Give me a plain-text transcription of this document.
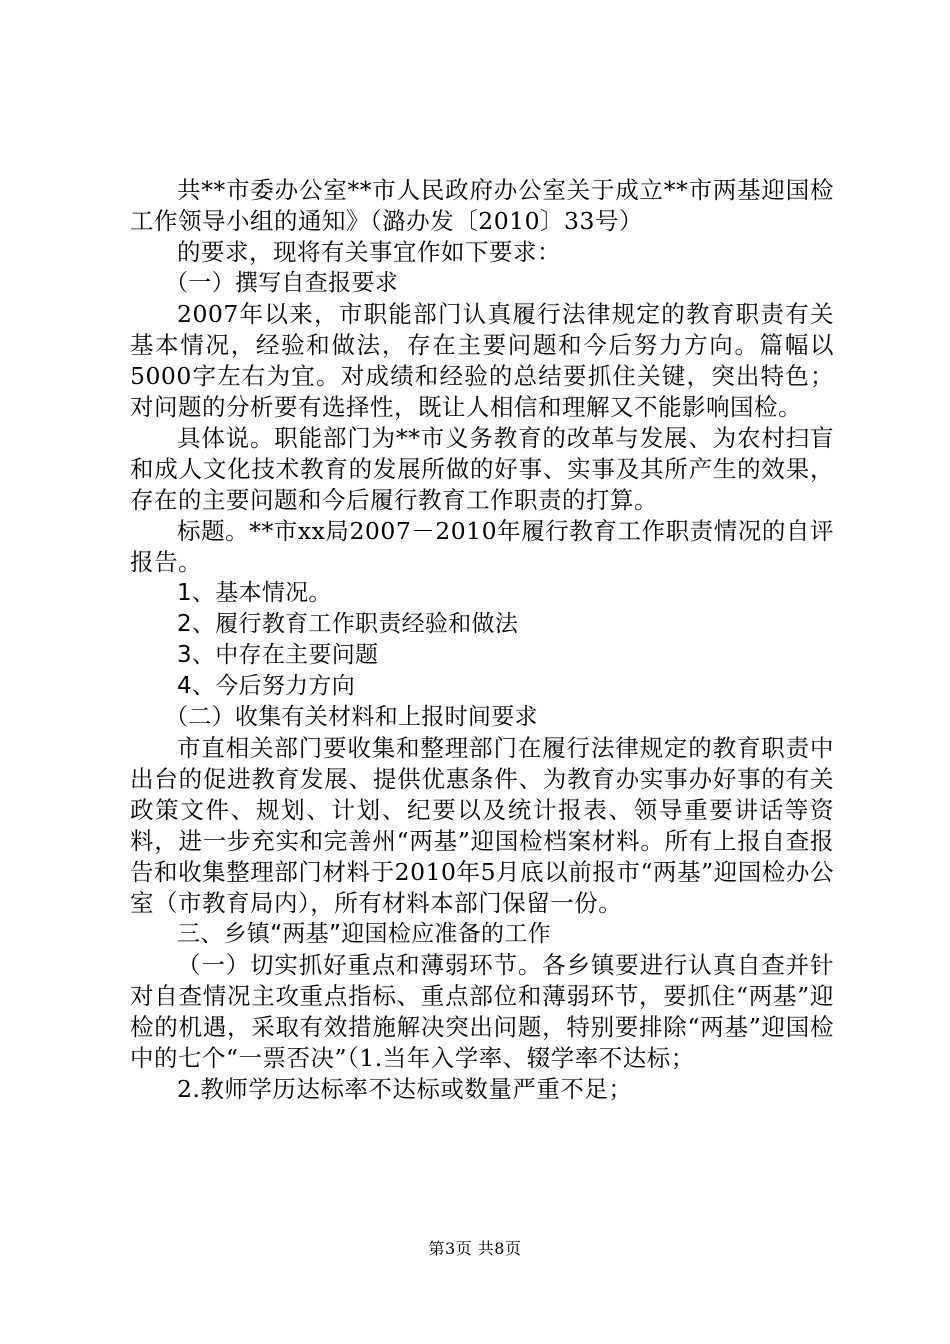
共**市委办公室**市人民政府办公室关于成立**市两基迎国检工作领导小组的通知》（潞办发〔2010〕33号）

的要求，现将有关事宜作如下要求：

（一）撰写自查报要求

2007年以来，市职能部门认真履行法律规定的教育职责有关基本情况，经验和做法，存在主要问题和今后努力方向。篇幅以5000字左右为宜。对成绩和经验的总结要抓住关键，突出特色；对问题的分析要有选择性，既让人相信和理解又不能影响国检。

具体说。职能部门为**市义务教育的改革与发展、为农村扫盲和成人文化技术教育的发展所做的好事、实事及其所产生的效果，存在的主要问题和今后履行教育工作职责的打算。

标题。**市xx局2007－2010年履行教育工作职责情况的自评报告。

1、基本情况。

2、履行教育工作职责经验和做法

3、中存在主要问题

4、今后努力方向

（二）收集有关材料和上报时间要求

市直相关部门要收集和整理部门在履行法律规定的教育职责中出台的促进教育发展、提供优惠条件、为教育办实事办好事的有关政策文件、规划、计划、纪要以及统计报表、领导重要讲话等资料，进一步充实和完善州“两基”迎国检档案材料。所有上报自查报告和收集整理部门材料于2010年5月底以前报市“两基”迎国检办公室（市教育局内），所有材料本部门保留一份。

三、乡镇“两基”迎国检应准备的工作

（一）切实抓好重点和薄弱环节。各乡镇要进行认真自查并针对自查情况主攻重点指标、重点部位和薄弱环节，要抓住“两基”迎检的机遇，采取有效措施解决突出问题，特别要排除“两基”迎国检中的七个“一票否决”（1.当年入学率、辍学率不达标；

2.教师学历达标率不达标或数量严重不足；

第3页 共8页
